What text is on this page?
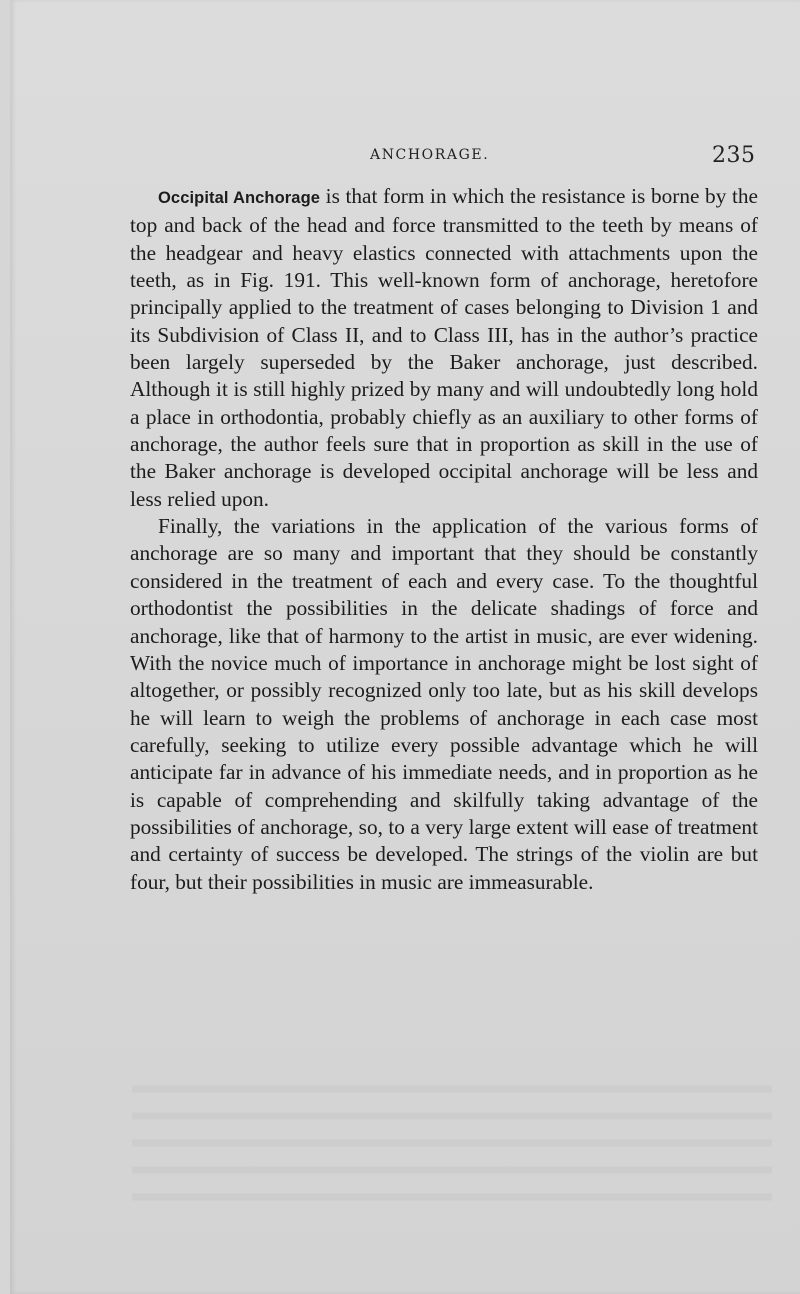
ANCHORAGE.	235

Occipital Anchorage is that form in which the resistance is borne by the top and back of the head and force transmitted to the teeth by means of the headgear and heavy elastics connected with attachments upon the teeth, as in Fig. 191. This well-known form of anchorage, heretofore principally applied to the treatment of cases belonging to Division 1 and its Subdivision of Class II, and to Class III, has in the author’s practice been largely superseded by the Baker anchorage, just described. Although it is still highly prized by many and will undoubtedly long hold a place in orthodontia, probably chiefly as an auxiliary to other forms of anchorage, the author feels sure that in proportion as skill in the use of the Baker anchorage is developed occipital anchorage will be less and less relied upon.

Finally, the variations in the application of the various forms of anchorage are so many and important that they should be constantly considered in the treatment of each and every case. To the thoughtful orthodontist the possibilities in the delicate shadings of force and anchorage, like that of harmony to the artist in music, are ever widening. With the novice much of importance in anchorage might be lost sight of altogether, or possibly recognized only too late, but as his skill develops he will learn to weigh the problems of anchorage in each case most carefully, seeking to utilize every possible advantage which he will anticipate far in advance of his immediate needs, and in proportion as he is capable of comprehending and skilfully taking advantage of the possibilities of anchorage, so, to a very large extent will ease of treatment and certainty of success be developed. The strings of the violin are but four, but their possibilities in music are immeasurable.
